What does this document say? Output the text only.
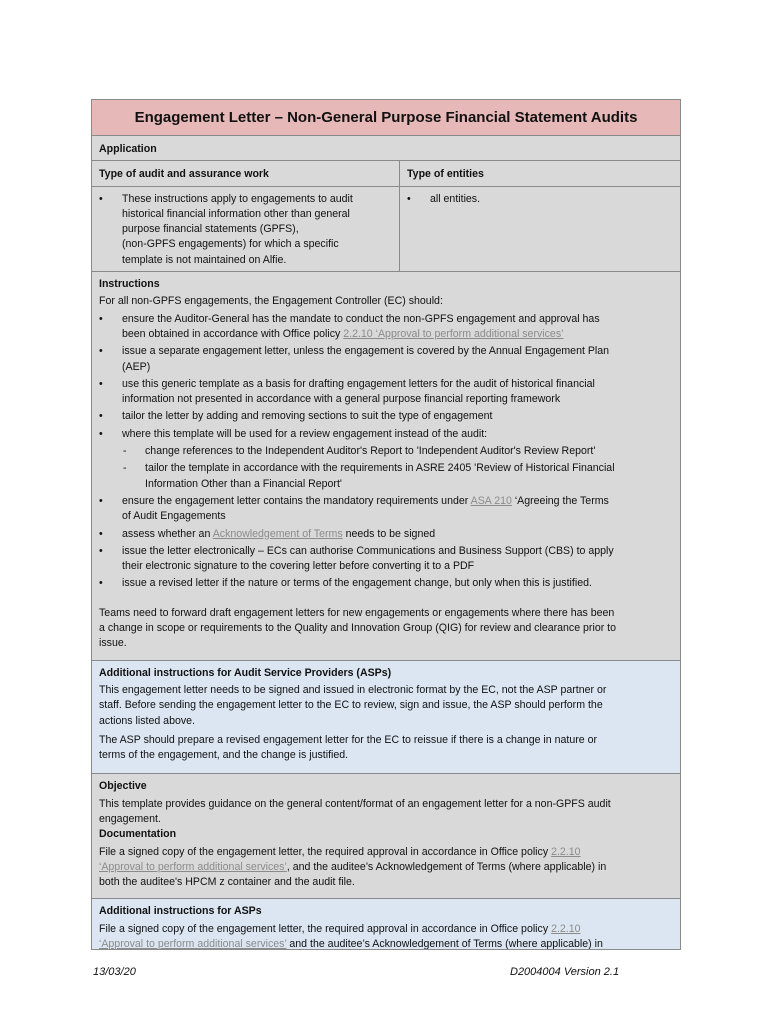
Engagement Letter – Non-General Purpose Financial Statement Audits
Application
Type of audit and assurance work	Type of entities
• These instructions apply to engagements to audit
historical financial information other than general
purpose financial statements (GPFS),
(non-GPFS engagements) for which a specific
template is not maintained on Alfie.
• all entities.
Instructions
For all non-GPFS engagements, the Engagement Controller (EC) should:
• ensure the Auditor-General has the mandate to conduct the non-GPFS engagement and approval has
been obtained in accordance with Office policy 2.2.10 ‘Approval to perform additional services’
• issue a separate engagement letter, unless the engagement is covered by the Annual Engagement Plan
(AEP)
• use this generic template as a basis for drafting engagement letters for the audit of historical financial
information not presented in accordance with a general purpose financial reporting framework
• tailor the letter by adding and removing sections to suit the type of engagement
• where this template will be used for a review engagement instead of the audit:
- change references to the Independent Auditor's Report to 'Independent Auditor's Review Report'
- tailor the template in accordance with the requirements in ASRE 2405 'Review of Historical Financial
Information Other than a Financial Report'
• ensure the engagement letter contains the mandatory requirements under ASA 210 ‘Agreeing the Terms
of Audit Engagements
• assess whether an Acknowledgement of Terms needs to be signed
• issue the letter electronically – ECs can authorise Communications and Business Support (CBS) to apply
their electronic signature to the covering letter before converting it to a PDF
• issue a revised letter if the nature or terms of the engagement change, but only when this is justified.
Teams need to forward draft engagement letters for new engagements or engagements where there has been
a change in scope or requirements to the Quality and Innovation Group (QIG) for review and clearance prior to
issue.
Additional instructions for Audit Service Providers (ASPs)
This engagement letter needs to be signed and issued in electronic format by the EC, not the ASP partner or
staff. Before sending the engagement letter to the EC to review, sign and issue, the ASP should perform the
actions listed above.
The ASP should prepare a revised engagement letter for the EC to reissue if there is a change in nature or
terms of the engagement, and the change is justified.
Objective
This template provides guidance on the general content/format of an engagement letter for a non-GPFS audit
engagement.
Documentation
File a signed copy of the engagement letter, the required approval in accordance in Office policy 2.2.10
‘Approval to perform additional services’, and the auditee’s Acknowledgement of Terms (where applicable) in
both the auditee's HPCM z container and the audit file.
Additional instructions for ASPs
File a signed copy of the engagement letter, the required approval in accordance in Office policy 2.2.10
‘Approval to perform additional services’ and the auditee’s Acknowledgement of Terms (where applicable) in
13/03/20	D2004004 Version 2.1
